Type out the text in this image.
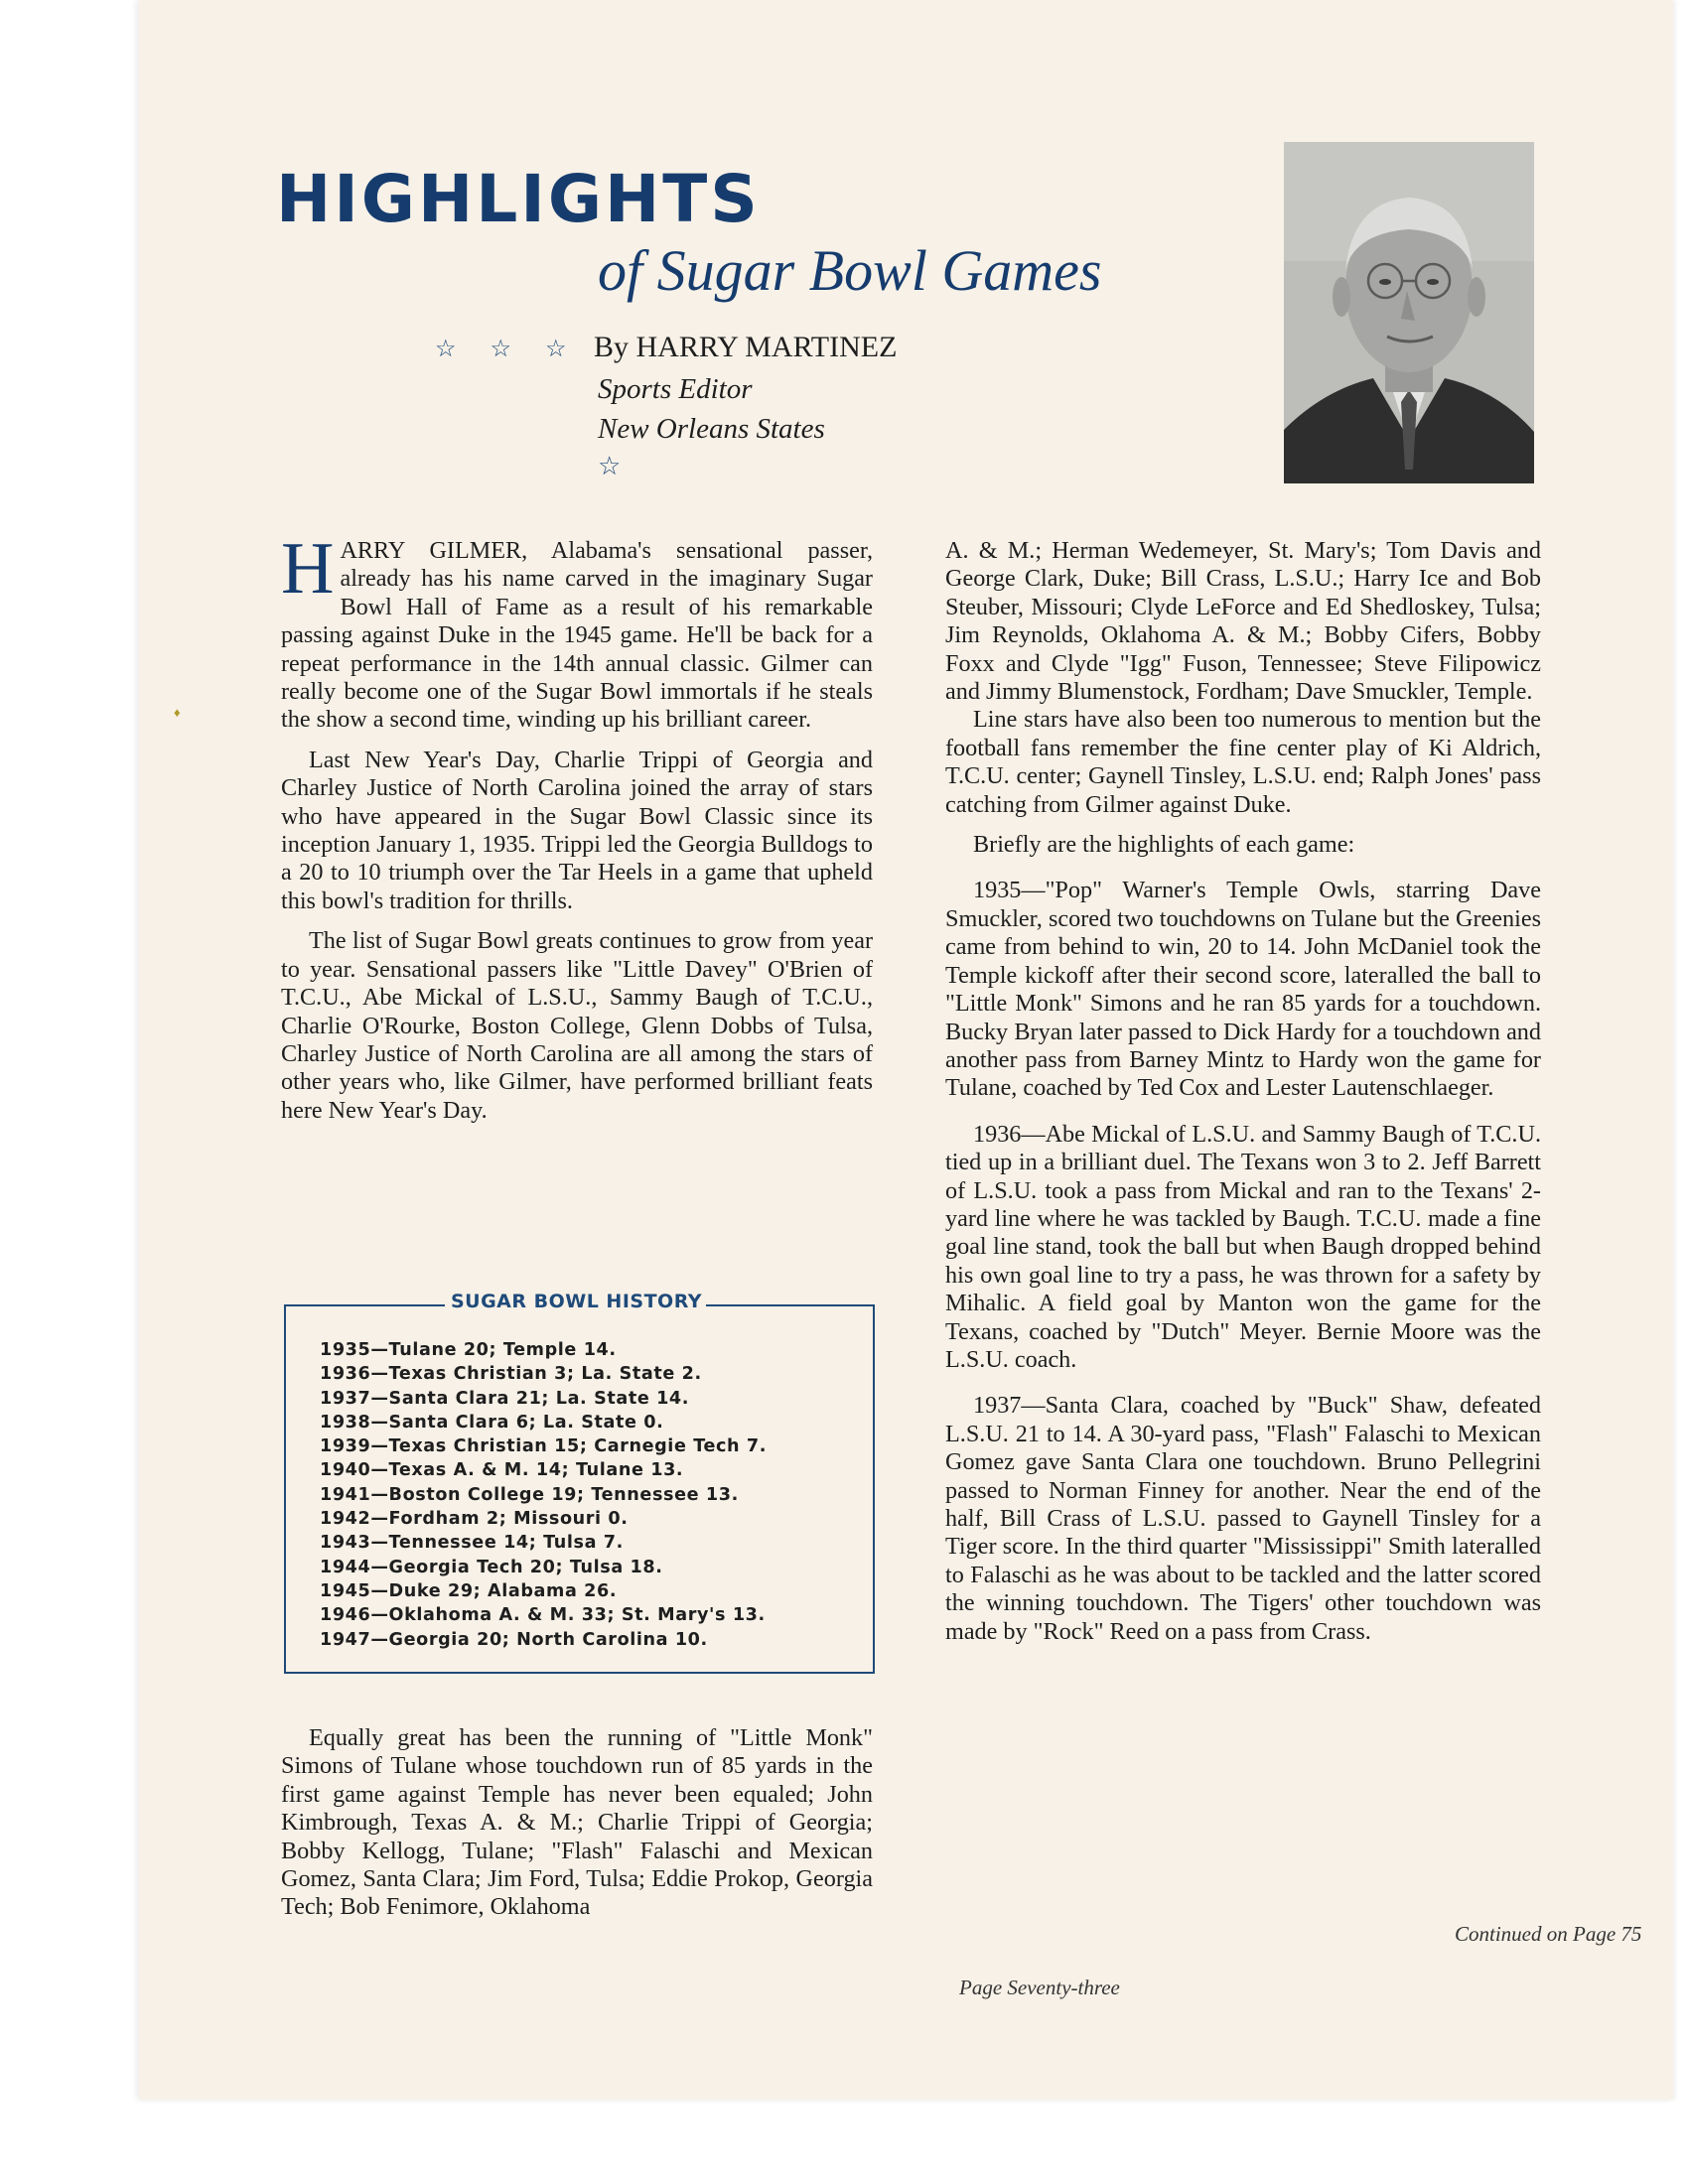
♦
HIGHLIGHTS
of Sugar Bowl Games
☆ ☆ ☆ By HARRY MARTINEZ
Sports Editor
New Orleans States
☆

HARRY GILMER, Alabama's sensational passer, already has his name carved in the imaginary Sugar Bowl Hall of Fame as a result of his remarkable passing against Duke in the 1945 game. He'll be back for a repeat performance in the 14th annual classic. Gilmer can really become one of the Sugar Bowl immortals if he steals the show a second time, winding up his brilliant career.

Last New Year's Day, Charlie Trippi of Georgia and Charley Justice of North Carolina joined the array of stars who have appeared in the Sugar Bowl Classic since its inception January 1, 1935. Trippi led the Georgia Bulldogs to a 20 to 10 triumph over the Tar Heels in a game that upheld this bowl's tradition for thrills.

The list of Sugar Bowl greats continues to grow from year to year. Sensational passers like "Little Davey" O'Brien of T.C.U., Abe Mickal of L.S.U., Sammy Baugh of T.C.U., Charlie O'Rourke, Boston College, Glenn Dobbs of Tulsa, Charley Justice of North Carolina are all among the stars of other years who, like Gilmer, have performed brilliant feats here New Year's Day.

SUGAR BOWL HISTORY
1935—Tulane 20; Temple 14.
1936—Texas Christian 3; La. State 2.
1937—Santa Clara 21; La. State 14.
1938—Santa Clara 6; La. State 0.
1939—Texas Christian 15; Carnegie Tech 7.
1940—Texas A. & M. 14; Tulane 13.
1941—Boston College 19; Tennessee 13.
1942—Fordham 2; Missouri 0.
1943—Tennessee 14; Tulsa 7.
1944—Georgia Tech 20; Tulsa 18.
1945—Duke 29; Alabama 26.
1946—Oklahoma A. & M. 33; St. Mary's 13.
1947—Georgia 20; North Carolina 10.

Equally great has been the running of "Little Monk" Simons of Tulane whose touchdown run of 85 yards in the first game against Temple has never been equaled; John Kimbrough, Texas A. & M.; Charlie Trippi of Georgia; Bobby Kellogg, Tulane; "Flash" Falaschi and Mexican Gomez, Santa Clara; Jim Ford, Tulsa; Eddie Prokop, Georgia Tech; Bob Fenimore, Oklahoma

A. & M.; Herman Wedemeyer, St. Mary's; Tom Davis and George Clark, Duke; Bill Crass, L.S.U.; Harry Ice and Bob Steuber, Missouri; Clyde LeForce and Ed Shedloskey, Tulsa; Jim Reynolds, Oklahoma A. & M.; Bobby Cifers, Bobby Foxx and Clyde "Igg" Fuson, Tennessee; Steve Filipowicz and Jimmy Blumenstock, Fordham; Dave Smuckler, Temple.

Line stars have also been too numerous to mention but the football fans remember the fine center play of Ki Aldrich, T.C.U. center; Gaynell Tinsley, L.S.U. end; Ralph Jones' pass catching from Gilmer against Duke.

Briefly are the highlights of each game:

1935—"Pop" Warner's Temple Owls, starring Dave Smuckler, scored two touchdowns on Tulane but the Greenies came from behind to win, 20 to 14. John McDaniel took the Temple kickoff after their second score, lateralled the ball to "Little Monk" Simons and he ran 85 yards for a touchdown. Bucky Bryan later passed to Dick Hardy for a touchdown and another pass from Barney Mintz to Hardy won the game for Tulane, coached by Ted Cox and Lester Lautenschlaeger.

1936—Abe Mickal of L.S.U. and Sammy Baugh of T.C.U. tied up in a brilliant duel. The Texans won 3 to 2. Jeff Barrett of L.S.U. took a pass from Mickal and ran to the Texans' 2-yard line where he was tackled by Baugh. T.C.U. made a fine goal line stand, took the ball but when Baugh dropped behind his own goal line to try a pass, he was thrown for a safety by Mihalic. A field goal by Manton won the game for the Texans, coached by "Dutch" Meyer. Bernie Moore was the L.S.U. coach.

1937—Santa Clara, coached by "Buck" Shaw, defeated L.S.U. 21 to 14. A 30-yard pass, "Flash" Falaschi to Mexican Gomez gave Santa Clara one touchdown. Bruno Pellegrini passed to Norman Finney for another. Near the end of the half, Bill Crass of L.S.U. passed to Gaynell Tinsley for a Tiger score. In the third quarter "Mississippi" Smith lateralled to Falaschi as he was about to be tackled and the latter scored the winning touchdown. The Tigers' other touchdown was made by "Rock" Reed on a pass from Crass.

Continued on Page 75
Page Seventy-three
